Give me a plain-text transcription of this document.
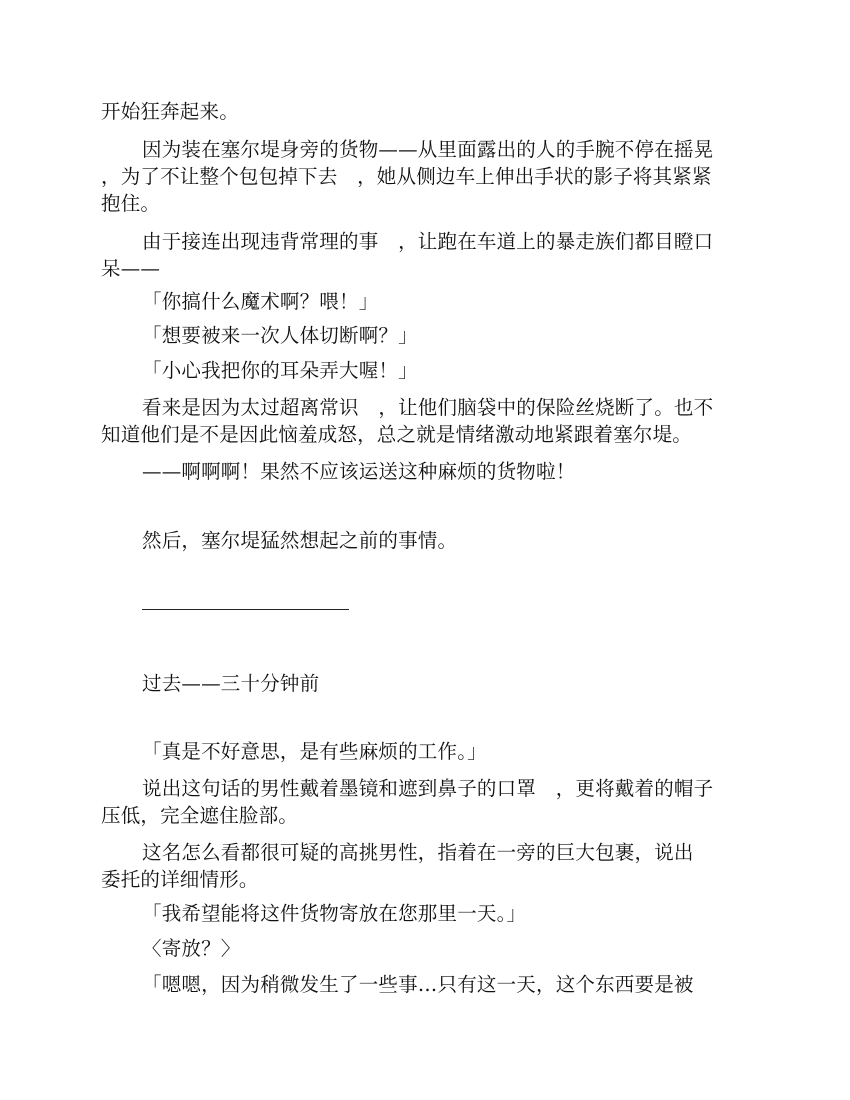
开始狂奔起来。
因为装在塞尔堤身旁的货物——从里面露出的人的手腕不停在摇晃
，为了不让整个包包掉下去　，她从侧边车上伸出手状的影子将其紧紧
抱住。
由于接连出现违背常理的事　，让跑在车道上的暴走族们都目瞪口
呆——
「你搞什么魔术啊？喂！」
「想要被来一次人体切断啊？」
「小心我把你的耳朵弄大喔！」
看来是因为太过超离常识　，让他们脑袋中的保险丝烧断了。也不
知道他们是不是因此恼羞成怒，总之就是情绪激动地紧跟着塞尔堤。
——啊啊啊！果然不应该运送这种麻烦的货物啦！
然后，塞尔堤猛然想起之前的事情。
过去——三十分钟前
「真是不好意思，是有些麻烦的工作。」
说出这句话的男性戴着墨镜和遮到鼻子的口罩　，更将戴着的帽子
压低，完全遮住脸部。
这名怎么看都很可疑的高挑男性，指着在一旁的巨大包裹，说出
委托的详细情形。
「我希望能将这件货物寄放在您那里一天。」
〈寄放？〉
「嗯嗯，因为稍微发生了一些事…只有这一天，这个东西要是被
